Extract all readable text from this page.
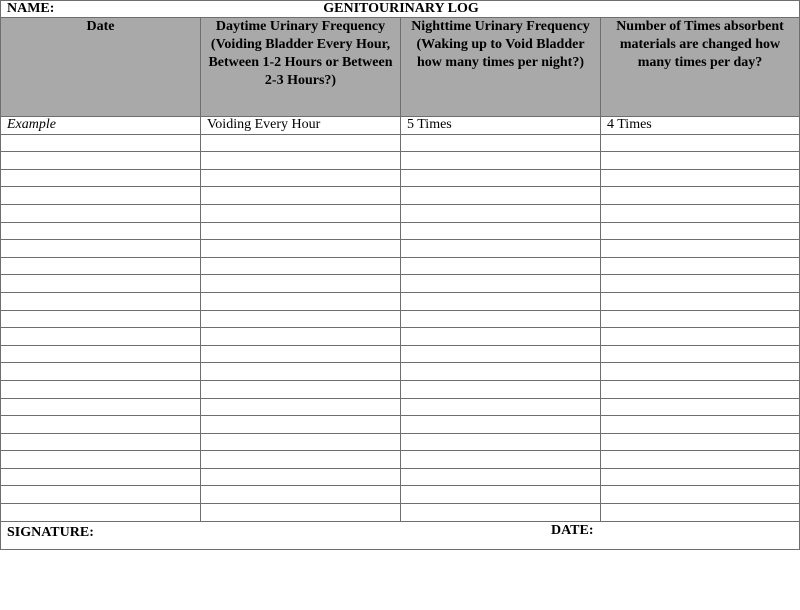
NAME: GENITOURINARY LOG			

Date	Daytime Urinary Frequency (Voiding Bladder Every Hour, Between 1-2 Hours or Between 2-3 Hours?)	Nighttime Urinary Frequency (Waking up to Void Bladder how many times per night?)	Number of Times absorbent materials are changed how many times per day?
Example	Voiding Every Hour	5 Times	4 Times

SIGNATURE: DATE:			
